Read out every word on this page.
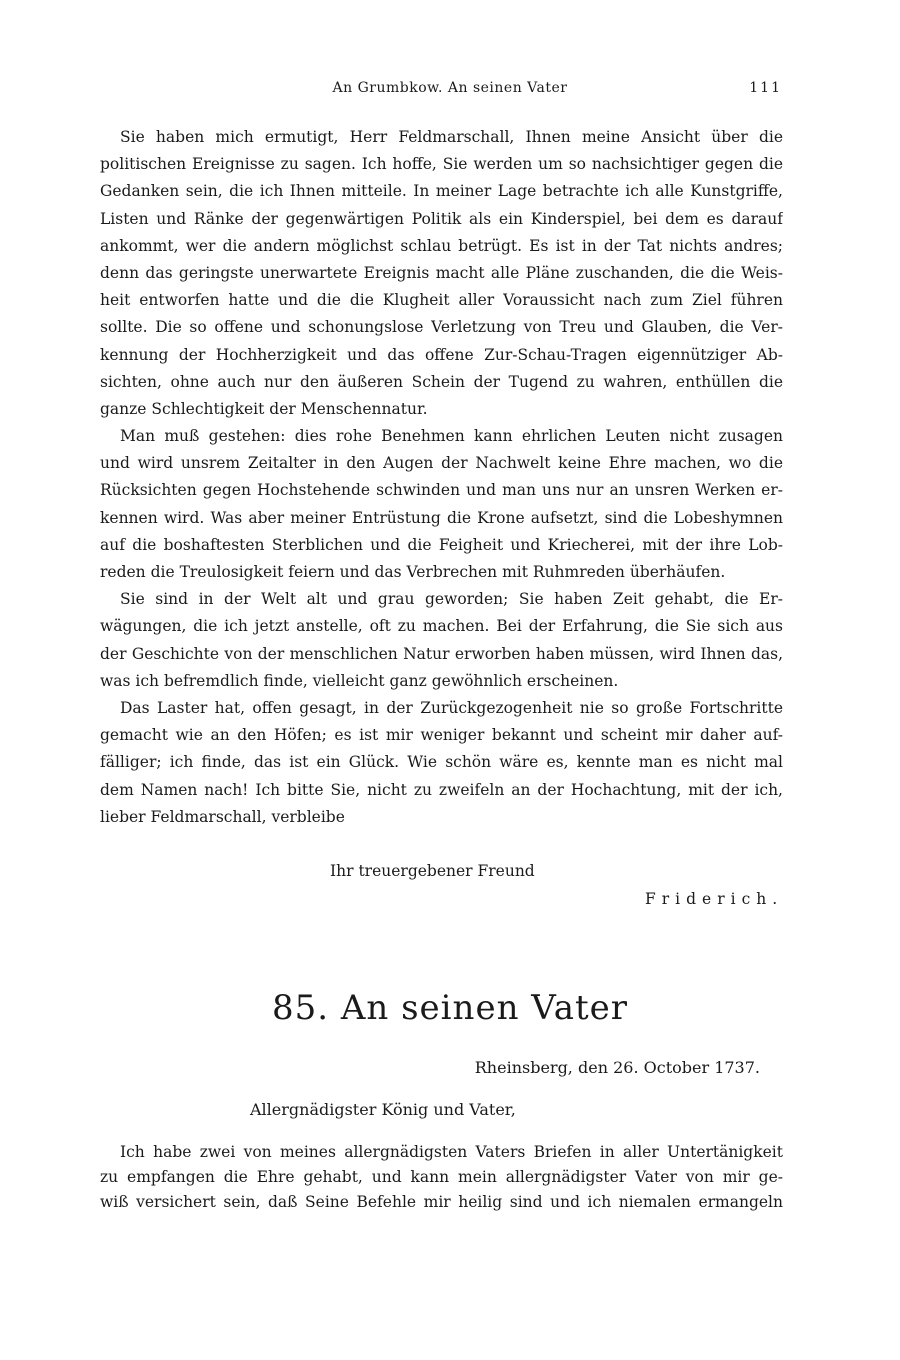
An Grumbkow. An seinen Vater	111
Sie haben mich ermutigt, Herr Feldmarschall, Ihnen meine Ansicht über die
politischen Ereignisse zu sagen. Ich hoffe, Sie werden um so nachsichtiger gegen die
Gedanken sein, die ich Ihnen mitteile. In meiner Lage betrachte ich alle Kunstgriffe,
Listen und Ränke der gegenwärtigen Politik als ein Kinderspiel, bei dem es darauf
ankommt, wer die andern möglichst schlau betrügt. Es ist in der Tat nichts andres;
denn das geringste unerwartete Ereignis macht alle Pläne zuschanden, die die Weis-
heit entworfen hatte und die die Klugheit aller Voraussicht nach zum Ziel führen
sollte. Die so offene und schonungslose Verletzung von Treu und Glauben, die Ver-
kennung der Hochherzigkeit und das offene Zur-Schau-Tragen eigennütziger Ab-
sichten, ohne auch nur den äußeren Schein der Tugend zu wahren, enthüllen die
ganze Schlechtigkeit der Menschennatur.
Man muß gestehen: dies rohe Benehmen kann ehrlichen Leuten nicht zusagen
und wird unsrem Zeitalter in den Augen der Nachwelt keine Ehre machen, wo die
Rücksichten gegen Hochstehende schwinden und man uns nur an unsren Werken er-
kennen wird. Was aber meiner Entrüstung die Krone aufsetzt, sind die Lobeshymnen
auf die boshaftesten Sterblichen und die Feigheit und Kriecherei, mit der ihre Lob-
reden die Treulosigkeit feiern und das Verbrechen mit Ruhmreden überhäufen.
Sie sind in der Welt alt und grau geworden; Sie haben Zeit gehabt, die Er-
wägungen, die ich jetzt anstelle, oft zu machen. Bei der Erfahrung, die Sie sich aus
der Geschichte von der menschlichen Natur erworben haben müssen, wird Ihnen das,
was ich befremdlich finde, vielleicht ganz gewöhnlich erscheinen.
Das Laster hat, offen gesagt, in der Zurückgezogenheit nie so große Fortschritte
gemacht wie an den Höfen; es ist mir weniger bekannt und scheint mir daher auf-
fälliger; ich finde, das ist ein Glück. Wie schön wäre es, kennte man es nicht mal
dem Namen nach! Ich bitte Sie, nicht zu zweifeln an der Hochachtung, mit der ich,
lieber Feldmarschall, verbleibe
Ihr treuergebener Freund
Friderich.
85. An seinen Vater
Rheinsberg, den 26. October 1737.
Allergnädigster König und Vater,
Ich habe zwei von meines allergnädigsten Vaters Briefen in aller Untertänigkeit
zu empfangen die Ehre gehabt, und kann mein allergnädigster Vater von mir ge-
wiß versichert sein, daß Seine Befehle mir heilig sind und ich niemalen ermangeln
